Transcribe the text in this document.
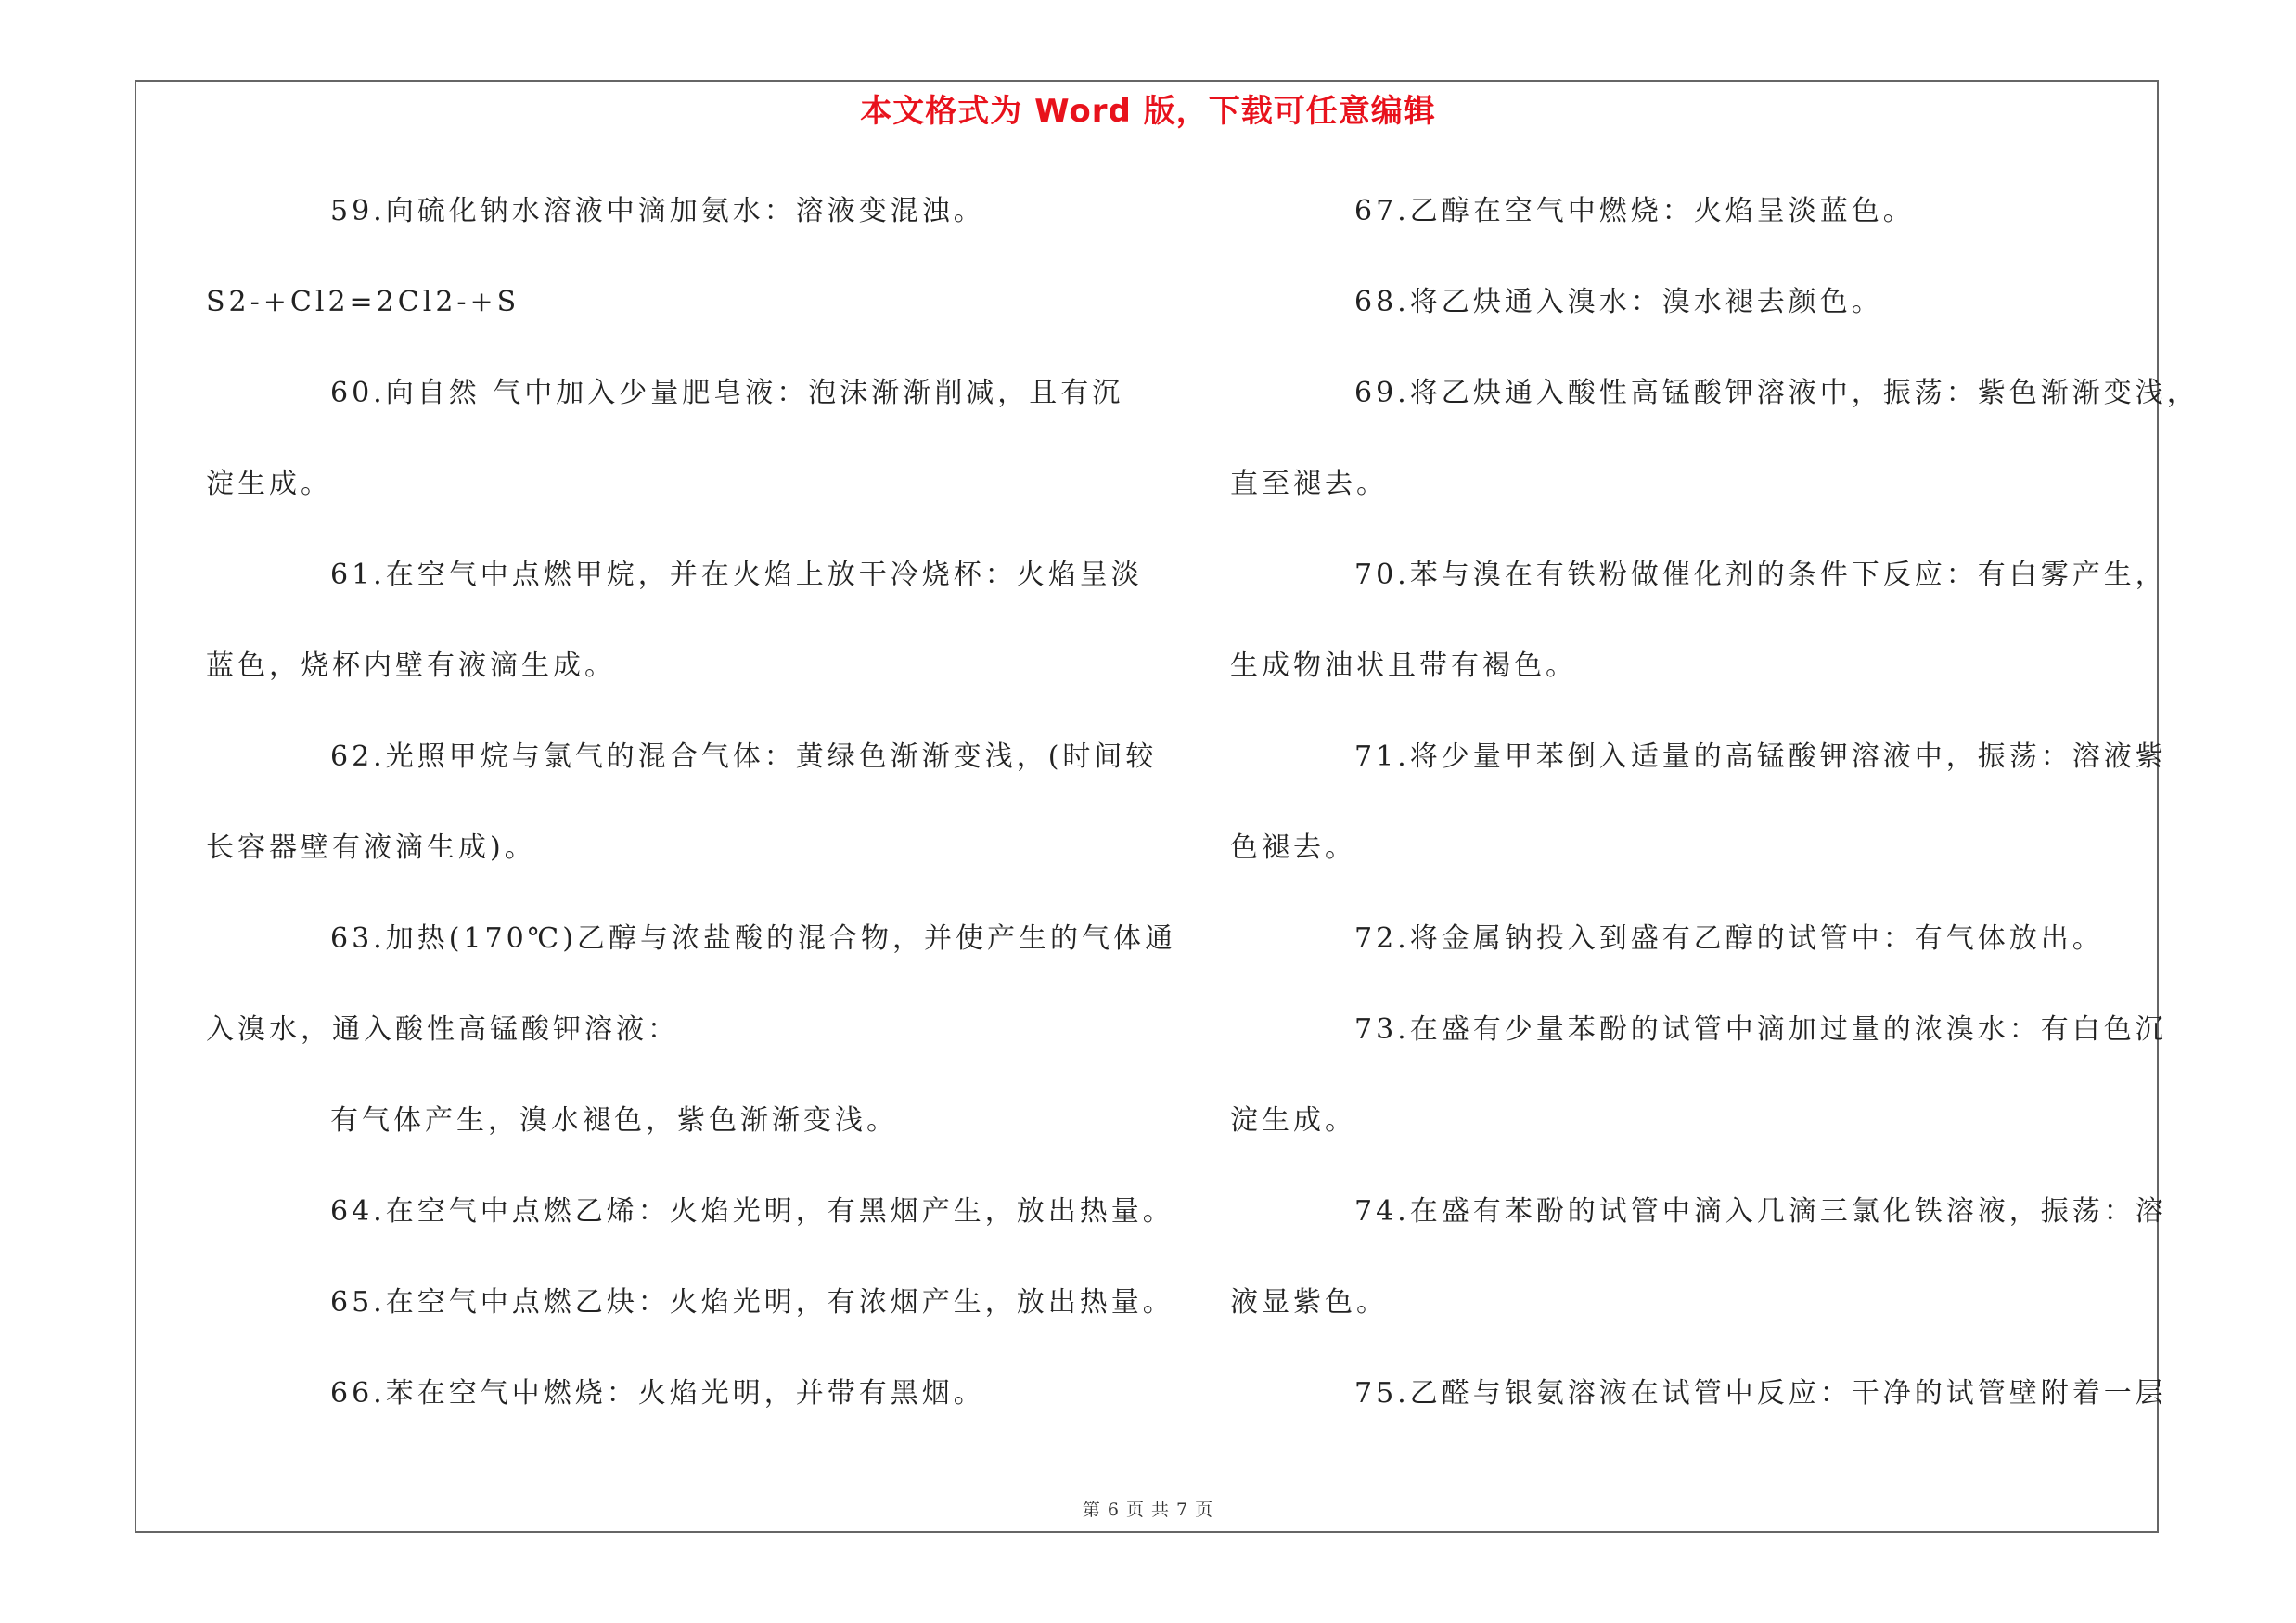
本文格式为 Word 版，下载可任意编辑
59.向硫化钠水溶液中滴加氨水：溶液变混浊。
S2-+Cl2=2Cl2-+S
60.向自然 气中加入少量肥皂液：泡沫渐渐削减，且有沉
淀生成。
61.在空气中点燃甲烷，并在火焰上放干冷烧杯：火焰呈淡
蓝色，烧杯内壁有液滴生成。
62.光照甲烷与氯气的混合气体：黄绿色渐渐变浅，(时间较
长容器壁有液滴生成)。
63.加热(170℃)乙醇与浓盐酸的混合物，并使产生的气体通
入溴水，通入酸性高锰酸钾溶液：
有气体产生，溴水褪色，紫色渐渐变浅。
64.在空气中点燃乙烯：火焰光明，有黑烟产生，放出热量。
65.在空气中点燃乙炔：火焰光明，有浓烟产生，放出热量。
66.苯在空气中燃烧：火焰光明，并带有黑烟。
67.乙醇在空气中燃烧：火焰呈淡蓝色。
68.将乙炔通入溴水：溴水褪去颜色。
69.将乙炔通入酸性高锰酸钾溶液中，振荡：紫色渐渐变浅，
直至褪去。
70.苯与溴在有铁粉做催化剂的条件下反应：有白雾产生，
生成物油状且带有褐色。
71.将少量甲苯倒入适量的高锰酸钾溶液中，振荡：溶液紫
色褪去。
72.将金属钠投入到盛有乙醇的试管中：有气体放出。
73.在盛有少量苯酚的试管中滴加过量的浓溴水：有白色沉
淀生成。
74.在盛有苯酚的试管中滴入几滴三氯化铁溶液，振荡：溶
液显紫色。
75.乙醛与银氨溶液在试管中反应：干净的试管壁附着一层
第 6 页 共 7 页
